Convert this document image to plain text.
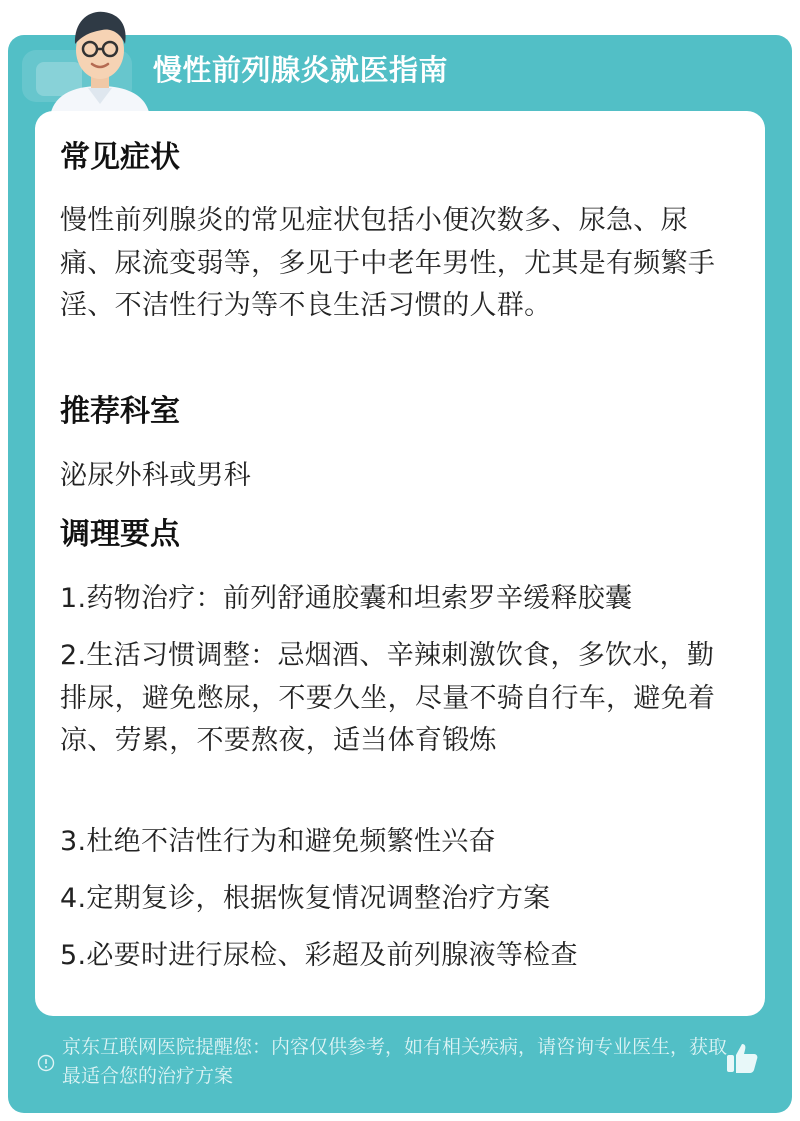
慢性前列腺炎就医指南
常见症状

慢性前列腺炎的常见症状包括小便次数多、尿急、尿痛、尿流变弱等，多见于中老年男性，尤其是有频繁手淫、不洁性行为等不良生活习惯的人群。

推荐科室

泌尿外科或男科

调理要点

1.药物治疗：前列舒通胶囊和坦索罗辛缓释胶囊

2.生活习惯调整：忌烟酒、辛辣刺激饮食，多饮水，勤排尿，避免憋尿，不要久坐，尽量不骑自行车，避免着凉、劳累，不要熬夜，适当体育锻炼

3.杜绝不洁性行为和避免频繁性兴奋

4.定期复诊，根据恢复情况调整治疗方案

5.必要时进行尿检、彩超及前列腺液等检查

京东互联网医院提醒您：内容仅供参考，如有相关疾病，请咨询专业医生，获取最适合您的治疗方案
